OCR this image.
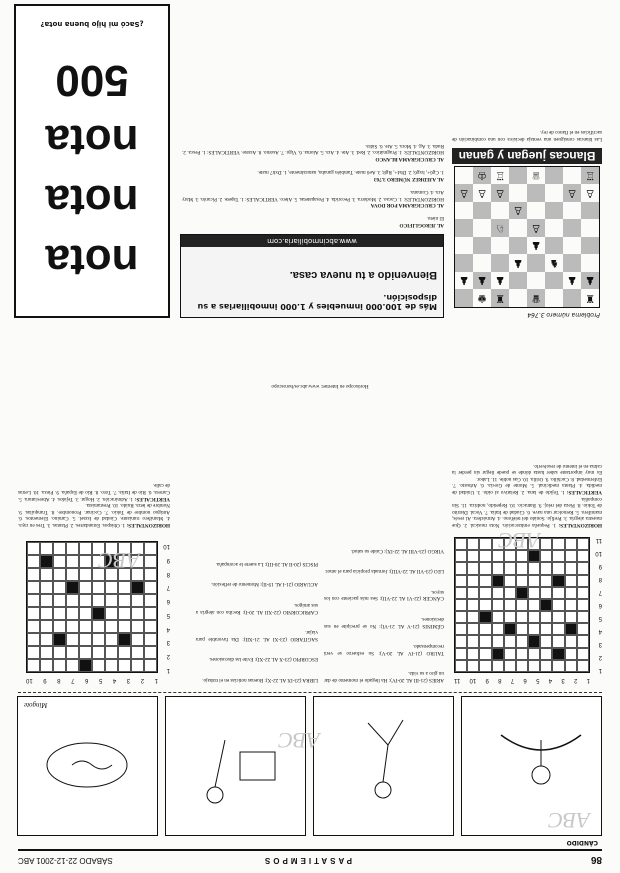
86
PASATIEMPOS
SÁBADO 22-12-2001 ABC
CÁNDIDO
Mingote
1
2
3
4
5
6
7
8
9
10
11
1
2
3
4
5
6
7
8
9
10
11
HORIZONTALES: 1. Pequeña embarcación. Nota musical. 2. Que muestra alegría. 3. Prefijo. Sonido del teléfono. 4. Atmósfera. Al revés, mamífero. 5. Remolcar una nave. 6. Ciudad de Italia. 7. Vocal. Distrito de Tokio. 8. Pieza del reloj. 9. Batracio. 10. Repetido, nodriza. 11. Sin compañía.
VERTICALES: 1. Tejido de lana. 2. Relativo al oído. 3. Unidad de medida. 4. Planta medicinal. 5. Monte de Grecia. 6. Arbusto. 7. Enfermedad. 8. Cuchillo. 9. Orilla. 10. Gas noble. 11. Labor.
Es muy importante saber hasta dónde se puede llegar sin perder la calma en el intento de resolverlo.

ARIES (21-III AL 20-IV): Ha llegado el momento de dar un giro a su vida.

TAURO (21-IV AL 20-V): Su esfuerzo se verá recompensado.

GÉMINIS (21-V AL 21-VI): No se precipite en sus decisiones.

CÁNCER (22-VI AL 22-VII): Sea más paciente con los suyos.

LEO (23-VII AL 22-VIII): Jornada propicia para el amor.

VIRGO (23-VIII AL 22-IX): Cuide su salud.

LIBRA (23-IX AL 22-X): Buenas noticias en el trabajo.

ESCORPIO (23-X AL 22-XI): Evite las discusiones.

SAGITARIO (23-XI AL 21-XII): Día favorable para viajar.

CAPRICORNIO (22-XII AL 20-I): Reciba con alegría a sus amigos.

ACUARIO (21-I AL 19-II): Momento de reflexión.

PISCIS (20-II AL 20-III): La suerte le acompaña.

Horóscopo en Internet: www.abc.es/horoscopo
1
2
3
4
5
6
7
8
9
10
1
2
3
4
5
6
7
8
9
10
HORIZONTALES: 1. Obispos. Estandartes. 2. Plantas. 3. Tres en raya. 4. Mamífero rumiante. Ciudad de Israel. 5. Camino. Elementos. 6. Antiguo nombre de Tokio. 7. Cocinar. Pronombre. 8. Tranquilas. 9. Nombre de letra. Ruido. 10. Prestamista.
VERTICALES: 1. Admiración. 2. Hogar. 3. Tejidos. 4. Abreviatura. 5. Carrera. 6. Río de Italia. 7. Toro. 8. Río de España. 9. Pieza. 10. Letras de calle.
nota
nota
nota
500
¿Sacó mi hijo buena nota?
Más de 100.000 inmuebles y 1.000 inmobiliarias a su disposición.
Bienvenido a tu nueva casa.
www.abcinmobiliaria.com
AL JEROGLÍFICO
El nieto.

AL CRUCIGRAMA POR DOVA
HORIZONTALES: 1. Cacao. 2. Modorra. 3. Pecorida. 4. Posapatetas. 5. Alero. VERTICALES: 1. Tapete. 2. Picarón. 3. Mary Ara. 4. Cumana.

AL AJEDREZ NÚMERO 3.763
1. Cg6+, hxg6; 2. Dh4+, Rg8; 3. Ae6 mate. También ganaba, naturalmente, 1. Dxh7 mate.

AL CRUCIGRAMA BLANCO
HORIZONTALES: 1. Pragmático. 2. Red. 3. Ate. 4. Ara. 5. Aloma. 6. Vigo. 7. Asomo. 8. Ararse. VERTICALES: 1. Pesca. 2. Ruda. 3. Ag. 4. Mora. 5. Ate. 6. Sidra.
Problema número 3.764
♜
♛
♜
♚
♟
♟
♟
♟
♟
♞
♟
♟
♙
♘
♙
♙
♙
♙
♙
♙
♖
♕
♖
♔
Blancas juegan y ganan
Las blancas consiguen una ventaja decisiva con una combinación de sacrificios en el flanco de rey.
ABC
ABC
ABC
ABC
